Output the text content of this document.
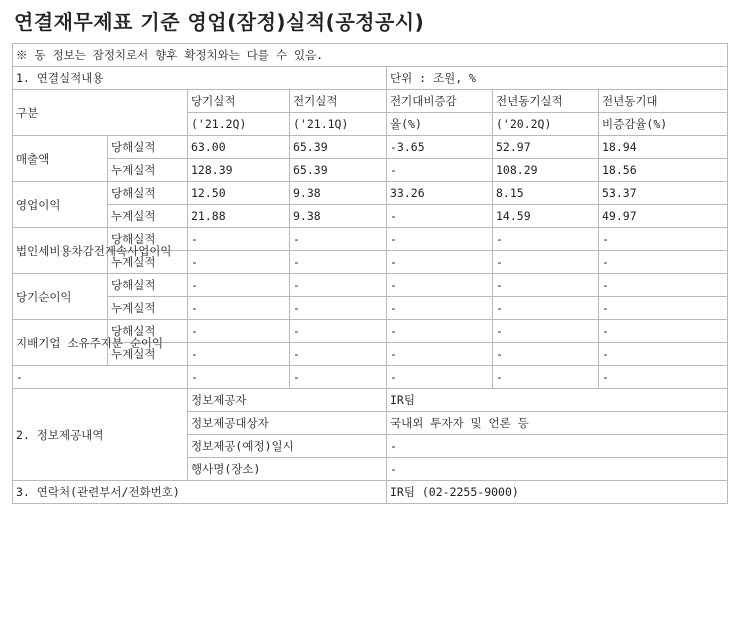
연결재무제표 기준 영업(잠정)실적(공정공시)
※ 동 정보는 잠정치로서 향후 확정치와는 다를 수 있음.						
1. 연결실적내용				단위 : 조원, %		
구분		당기실적	전기실적	전기대비증감	전년동기실적	전년동기대
		('21.2Q)	('21.1Q)	율(%)	('20.2Q)	비증감율(%)
매출액	당해실적	63.00	65.39	-3.65	52.97	18.94
	누계실적	128.39	65.39	-	108.29	18.56
영업이익	당해실적	12.50	9.38	33.26	8.15	53.37
	누계실적	21.88	9.38	-	14.59	49.97
법인세비용차감전계속사업이익	당해실적	-	-	-	-	-
	누계실적	-	-	-	-	-
당기순이익	당해실적	-	-	-	-	-
	누계실적	-	-	-	-	-
지배기업 소유주지분 순이익	당해실적	-	-	-	-	-
	누계실적	-	-	-	-	-
-		-	-	-	-	-
2. 정보제공내역		정보제공자		IR팀		
		정보제공대상자		국내외 투자자 및 언론 등		
		정보제공(예정)일시		-		
		행사명(장소)		-		
3. 연락처(관련부서/전화번호)				IR팀 (02-2255-9000)		
